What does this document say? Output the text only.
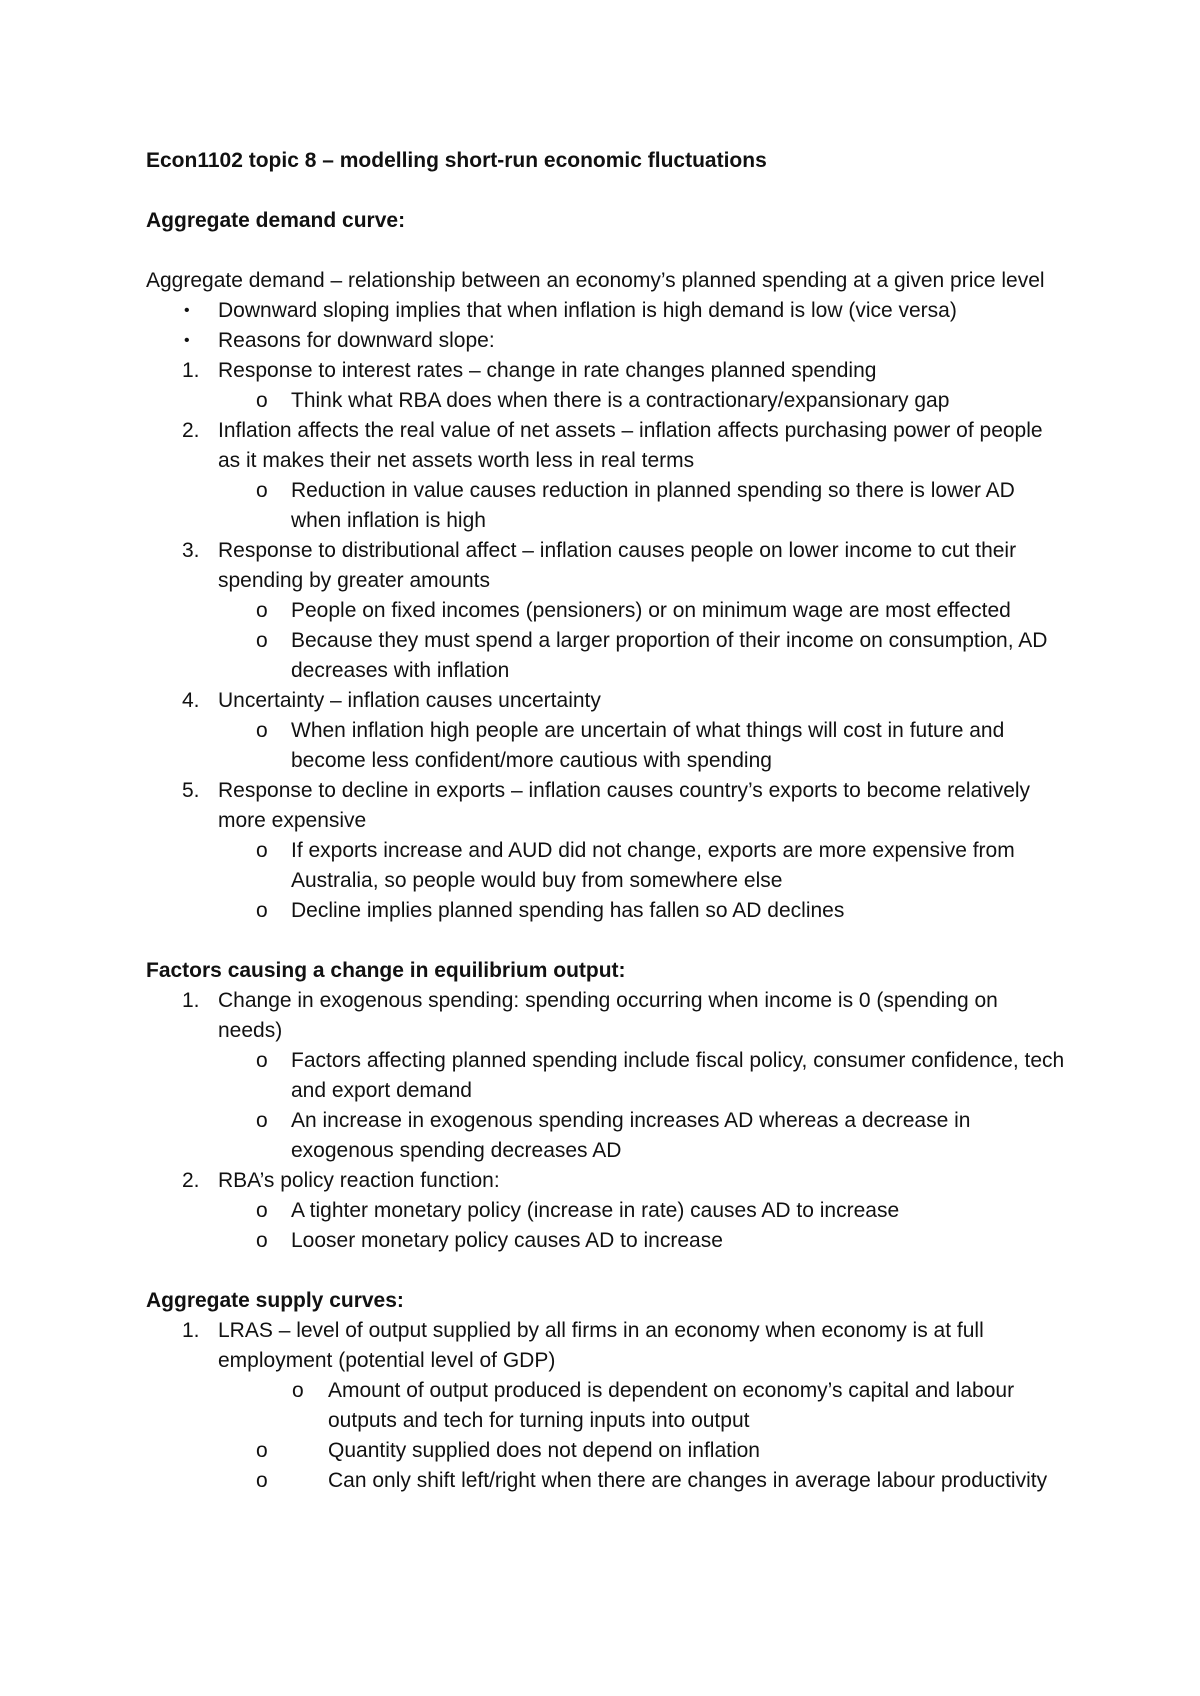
Econ1102 topic 8 – modelling short-run economic fluctuations

Aggregate demand curve:

Aggregate demand – relationship between an economy’s planned spending at a given price level

• Downward sloping implies that when inflation is high demand is low (vice versa)
• Reasons for downward slope:
1. Response to interest rates – change in rate changes planned spending
o Think what RBA does when there is a contractionary/expansionary gap
2. Inflation affects the real value of net assets – inflation affects purchasing power of people as it makes their net assets worth less in real terms
o Reduction in value causes reduction in planned spending so there is lower AD when inflation is high
3. Response to distributional affect – inflation causes people on lower income to cut their spending by greater amounts
o People on fixed incomes (pensioners) or on minimum wage are most effected
o Because they must spend a larger proportion of their income on consumption, AD decreases with inflation
4. Uncertainty – inflation causes uncertainty
o When inflation high people are uncertain of what things will cost in future and become less confident/more cautious with spending
5. Response to decline in exports – inflation causes country’s exports to become relatively more expensive
o If exports increase and AUD did not change, exports are more expensive from Australia, so people would buy from somewhere else
o Decline implies planned spending has fallen so AD declines

Factors causing a change in equilibrium output:

1. Change in exogenous spending: spending occurring when income is 0 (spending on needs)
o Factors affecting planned spending include fiscal policy, consumer confidence, tech and export demand
o An increase in exogenous spending increases AD whereas a decrease in exogenous spending decreases AD
2. RBA’s policy reaction function:
o A tighter monetary policy (increase in rate) causes AD to increase
o Looser monetary policy causes AD to increase

Aggregate supply curves:

1. LRAS – level of output supplied by all firms in an economy when economy is at full employment (potential level of GDP)
o Amount of output produced is dependent on economy’s capital and labour outputs and tech for turning inputs into output
o	Quantity supplied does not depend on inflation
o	Can only shift left/right when there are changes in average labour productivity
